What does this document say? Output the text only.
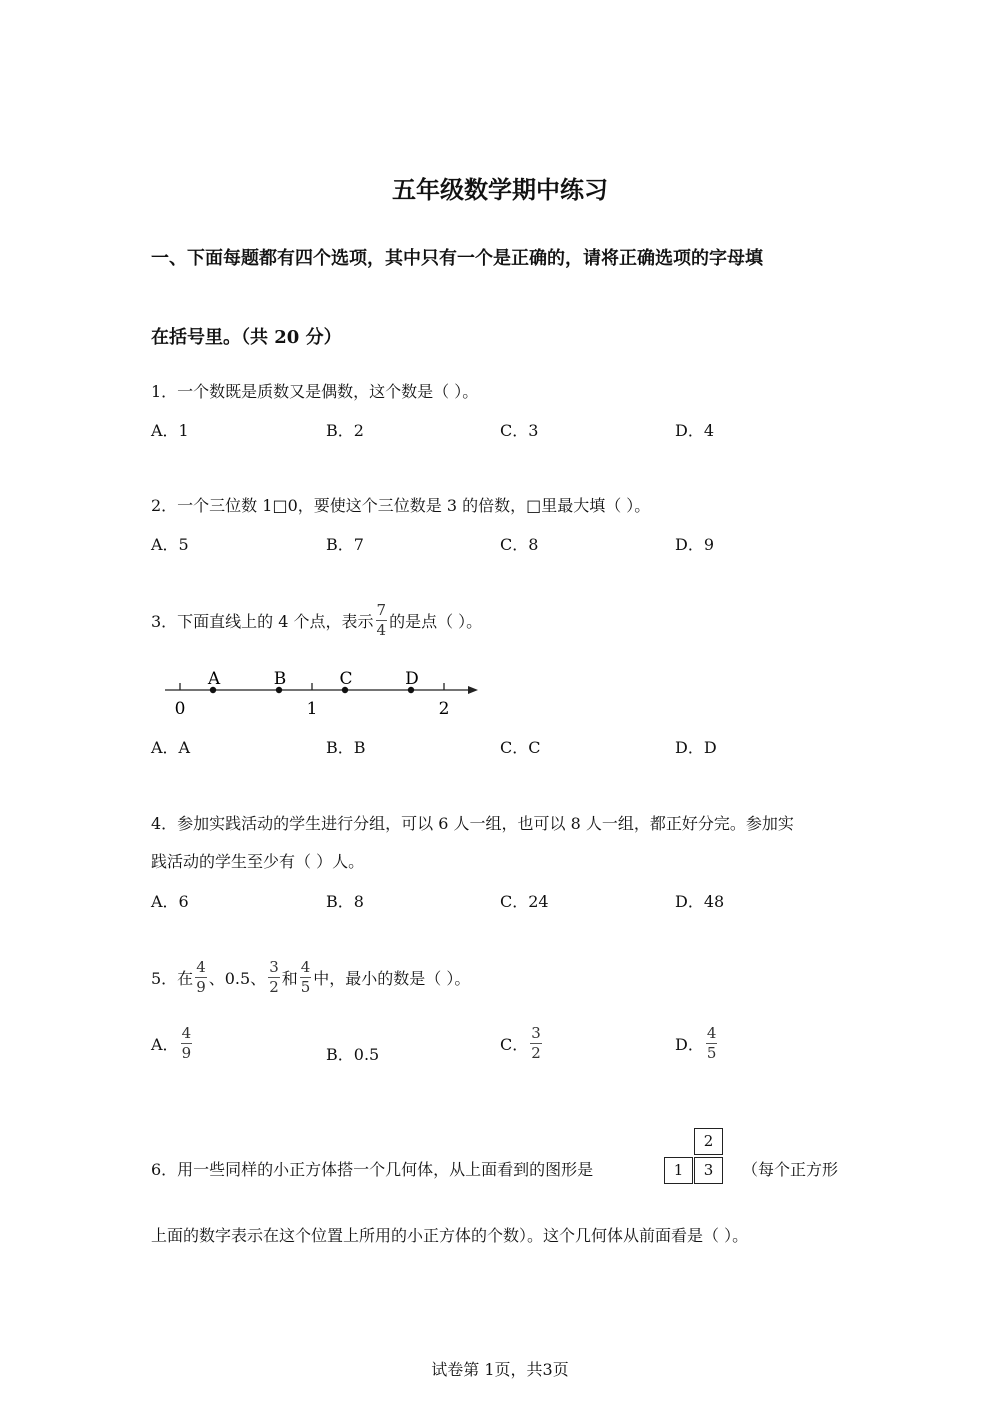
五年级数学期中练习
一、下面每题都有四个选项，其中只有一个是正确的，请将正确选项的字母填
在括号里。（共 20 分）
1．一个数既是质数又是偶数，这个数是（ ）。
A．1	B．2	C．3	D．4
2．一个三位数 1□0，要使这个三位数是 3 的倍数，□里最大填（ ）。
A．5	B．7	C．8	D．9
3．下面直线上的 4 个点，表示 $\frac{7}{4}$ 的是点（ ）。
0	1	2
A	B	C	D
A．A	B．B	C．C	D．D
4．参加实践活动的学生进行分组，可以 6 人一组，也可以 8 人一组，都正好分完。参加实
践活动的学生至少有（ ）人。
A．6	B．8	C．24	D．48
5．在 $\frac{4}{9}$ 、0.5、 $\frac{3}{2}$ 和 $\frac{4}{5}$ 中，最小的数是（ ）。
A． $\frac{4}{9}$	B．0.5
C． $\frac{3}{2}$	D． $\frac{4}{5}$
6．用一些同样的小正方体搭一个几何体，从上面看到的图形是
2
1	3	（每个正方形
上面的数字表示在这个位置上所用的小正方体的个数）。这个几何体从前面看是（ ）。
试卷第 1页，共3页
